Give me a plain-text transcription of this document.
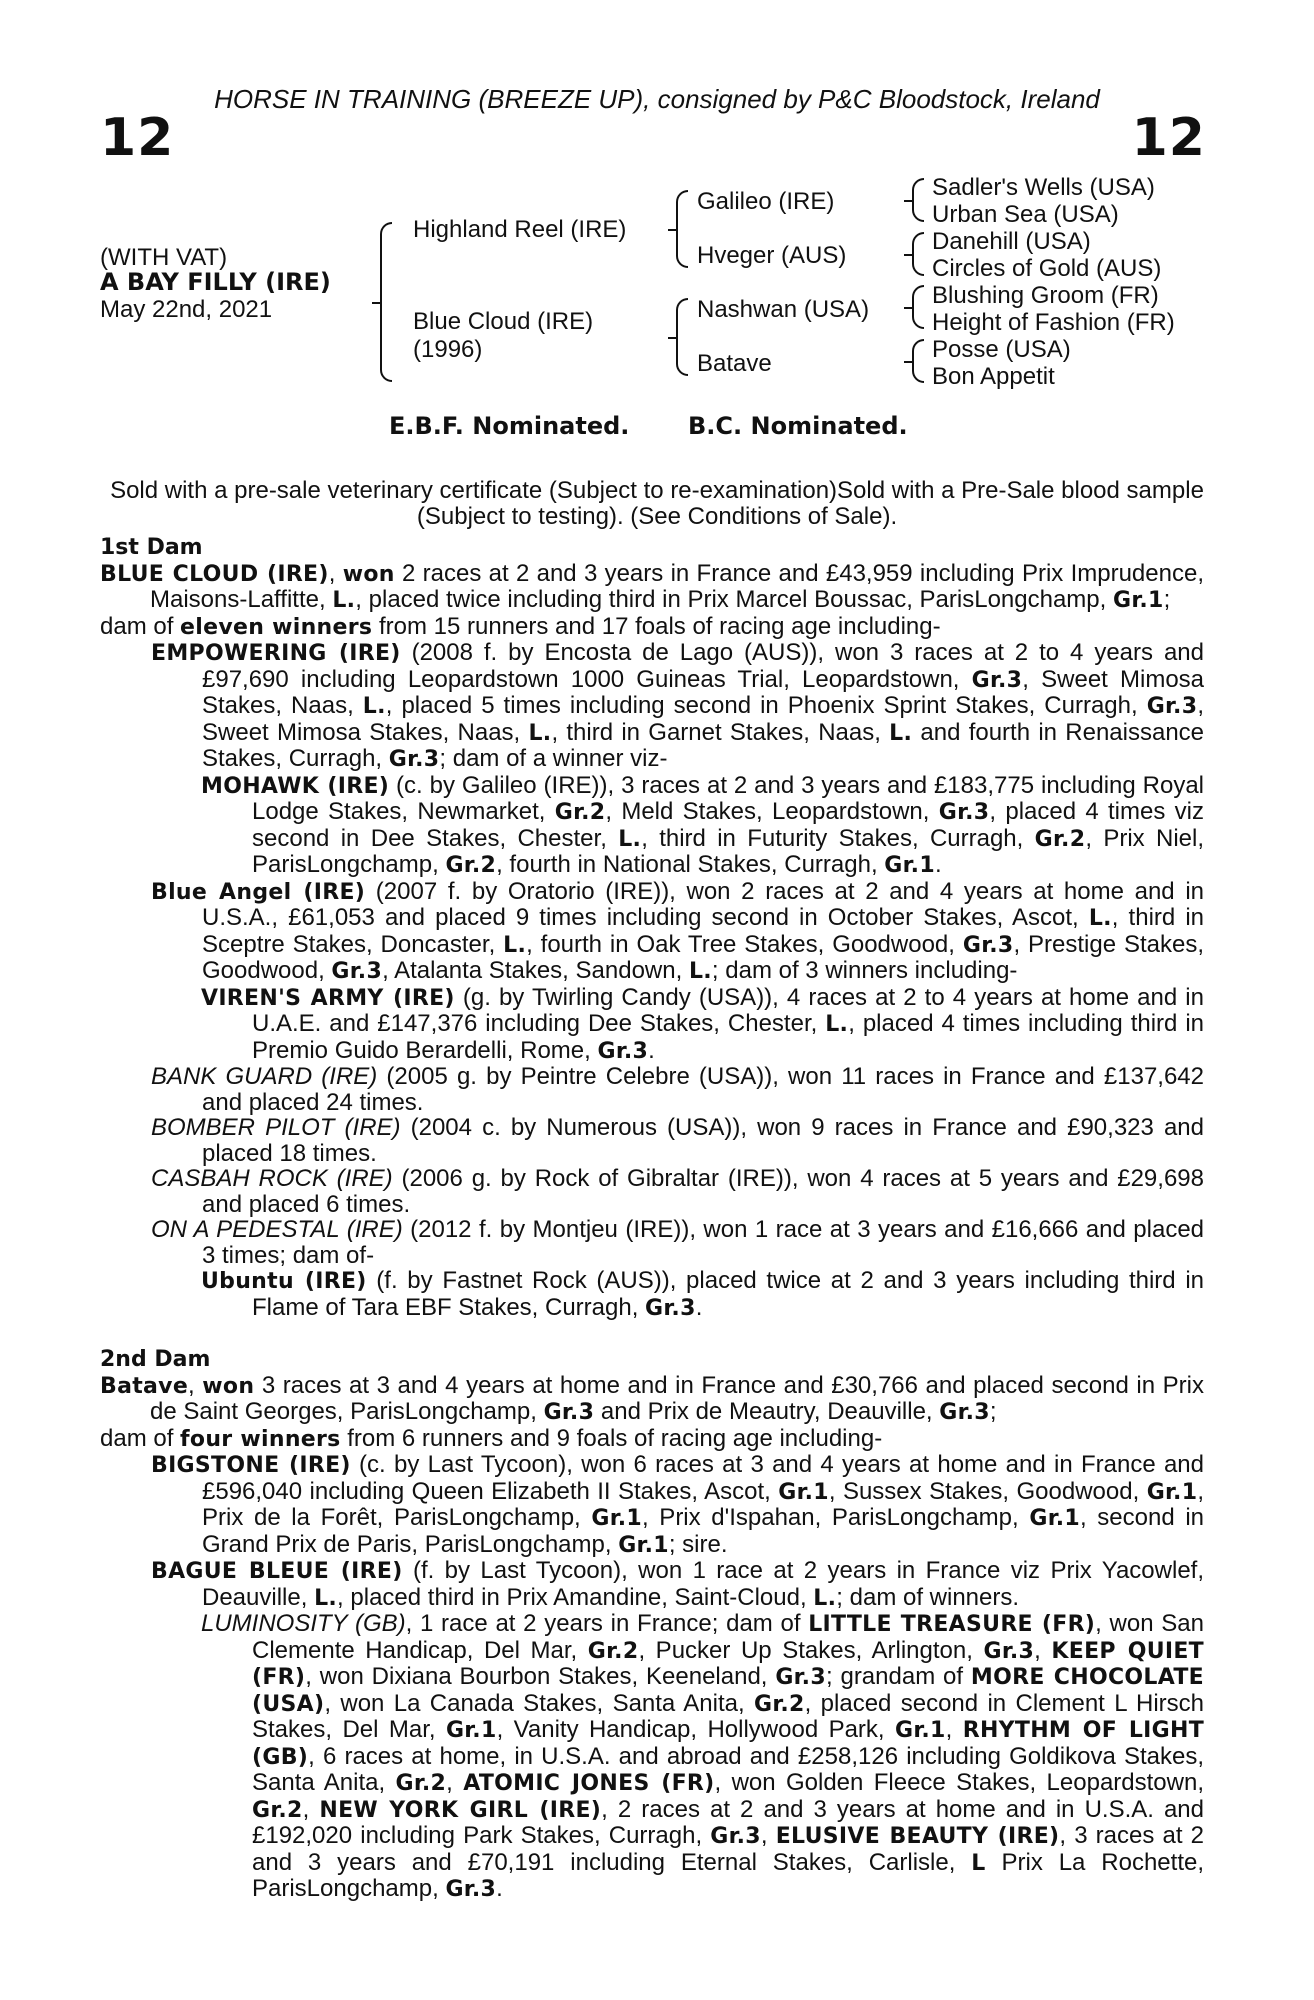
HORSE IN TRAINING (BREEZE UP), consigned by P&C Bloodstock, Ireland
12	12
(WITH VAT)
A BAY FILLY (IRE)
May 22nd, 2021
Highland Reel (IRE)
Blue Cloud (IRE)
(1996)
Galileo (IRE)
Hveger (AUS)
Nashwan (USA)
Batave
Sadler's Wells (USA)
Urban Sea (USA)
Danehill (USA)
Circles of Gold (AUS)
Blushing Groom (FR)
Height of Fashion (FR)
Posse (USA)
Bon Appetit
E.B.F. Nominated. B.C. Nominated.
Sold with a pre-sale veterinary certificate (Subject to re-examination)Sold with a Pre-Sale blood sample (Subject to testing). (See Conditions of Sale).
1st Dam

BLUE CLOUD (IRE), won 2 races at 2 and 3 years in France and £43,959 including Prix Imprudence, Maisons-Laffitte, L., placed twice including third in Prix Marcel Boussac, ParisLongchamp, Gr.1;

dam of eleven winners from 15 runners and 17 foals of racing age including-

EMPOWERING (IRE) (2008 f. by Encosta de Lago (AUS)), won 3 races at 2 to 4 years and £97,690 including Leopardstown 1000 Guineas Trial, Leopardstown, Gr.3, Sweet Mimosa Stakes, Naas, L., placed 5 times including second in Phoenix Sprint Stakes, Curragh, Gr.3, Sweet Mimosa Stakes, Naas, L., third in Garnet Stakes, Naas, L. and fourth in Renaissance Stakes, Curragh, Gr.3; dam of a winner viz-

MOHAWK (IRE) (c. by Galileo (IRE)), 3 races at 2 and 3 years and £183,775 including Royal Lodge Stakes, Newmarket, Gr.2, Meld Stakes, Leopardstown, Gr.3, placed 4 times viz second in Dee Stakes, Chester, L., third in Futurity Stakes, Curragh, Gr.2, Prix Niel, ParisLongchamp, Gr.2, fourth in National Stakes, Curragh, Gr.1.

Blue Angel (IRE) (2007 f. by Oratorio (IRE)), won 2 races at 2 and 4 years at home and in U.S.A., £61,053 and placed 9 times including second in October Stakes, Ascot, L., third in Sceptre Stakes, Doncaster, L., fourth in Oak Tree Stakes, Goodwood, Gr.3, Prestige Stakes, Goodwood, Gr.3, Atalanta Stakes, Sandown, L.; dam of 3 winners including-

VIREN'S ARMY (IRE) (g. by Twirling Candy (USA)), 4 races at 2 to 4 years at home and in U.A.E. and £147,376 including Dee Stakes, Chester, L., placed 4 times including third in Premio Guido Berardelli, Rome, Gr.3.

BANK GUARD (IRE) (2005 g. by Peintre Celebre (USA)), won 11 races in France and £137,642 and placed 24 times.

BOMBER PILOT (IRE) (2004 c. by Numerous (USA)), won 9 races in France and £90,323 and placed 18 times.

CASBAH ROCK (IRE) (2006 g. by Rock of Gibraltar (IRE)), won 4 races at 5 years and £29,698 and placed 6 times.

ON A PEDESTAL (IRE) (2012 f. by Montjeu (IRE)), won 1 race at 3 years and £16,666 and placed 3 times; dam of-

Ubuntu (IRE) (f. by Fastnet Rock (AUS)), placed twice at 2 and 3 years including third in Flame of Tara EBF Stakes, Curragh, Gr.3.

2nd Dam

Batave, won 3 races at 3 and 4 years at home and in France and £30,766 and placed second in Prix de Saint Georges, ParisLongchamp, Gr.3 and Prix de Meautry, Deauville, Gr.3;

dam of four winners from 6 runners and 9 foals of racing age including-

BIGSTONE (IRE) (c. by Last Tycoon), won 6 races at 3 and 4 years at home and in France and £596,040 including Queen Elizabeth II Stakes, Ascot, Gr.1, Sussex Stakes, Goodwood, Gr.1, Prix de la Forêt, ParisLongchamp, Gr.1, Prix d'Ispahan, ParisLongchamp, Gr.1, second in Grand Prix de Paris, ParisLongchamp, Gr.1; sire.

BAGUE BLEUE (IRE) (f. by Last Tycoon), won 1 race at 2 years in France viz Prix Yacowlef, Deauville, L., placed third in Prix Amandine, Saint-Cloud, L.; dam of winners.

LUMINOSITY (GB), 1 race at 2 years in France; dam of LITTLE TREASURE (FR), won San Clemente Handicap, Del Mar, Gr.2, Pucker Up Stakes, Arlington, Gr.3, KEEP QUIET (FR), won Dixiana Bourbon Stakes, Keeneland, Gr.3; grandam of MORE CHOCOLATE (USA), won La Canada Stakes, Santa Anita, Gr.2, placed second in Clement L Hirsch Stakes, Del Mar, Gr.1, Vanity Handicap, Hollywood Park, Gr.1, RHYTHM OF LIGHT (GB), 6 races at home, in U.S.A. and abroad and £258,126 including Goldikova Stakes, Santa Anita, Gr.2, ATOMIC JONES (FR), won Golden Fleece Stakes, Leopardstown, Gr.2, NEW YORK GIRL (IRE), 2 races at 2 and 3 years at home and in U.S.A. and £192,020 including Park Stakes, Curragh, Gr.3, ELUSIVE BEAUTY (IRE), 3 races at 2 and 3 years and £70,191 including Eternal Stakes, Carlisle, L Prix La Rochette, ParisLongchamp, Gr.3.
